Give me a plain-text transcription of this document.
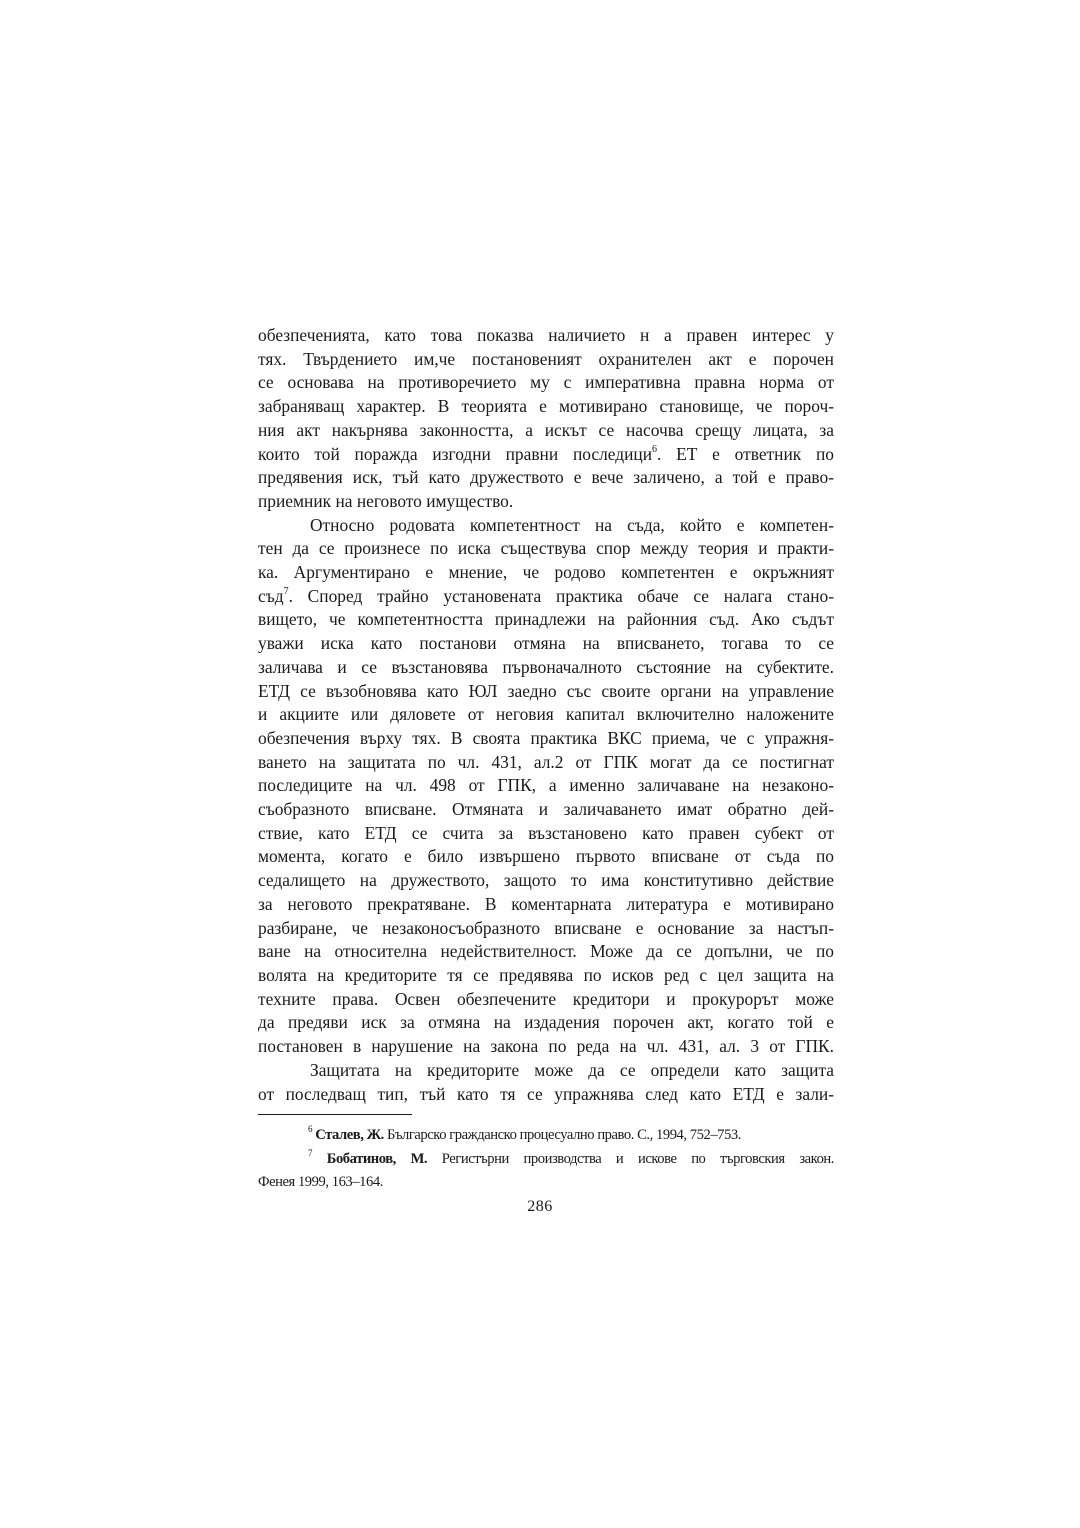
обезпеченията, като това показва наличието н а правен интерес у
тях. Твърдението им,че постановеният охранителен акт е порочен
се основава на противоречието му с императивна правна норма от
забраняващ характер. В теорията е мотивирано становище, че пороч-
ния акт накърнява законността, а искът се насочва срещу лицата, за
които той поражда изгодни правни последици$^6$. ЕТ е ответник по
предявения иск, тъй като дружеството е вече заличено, а той е право-
приемник на неговото имущество.

Относно родовата компетентност на съда, който е компетен-
тен да се произнесе по иска съществува спор между теория и практи-
ка. Аргументирано е мнение, че родово компетентен е окръжният
съд$^7$. Според трайно установената практика обаче се налага стано-
вището, че компетентността принадлежи на районния съд. Ако съдът
уважи иска като постанови отмяна на вписването, тогава то се
заличава и се възстановява първоначалното състояние на субектите.
ЕТД се възобновява като ЮЛ заедно със своите органи на управление
и акциите или дяловете от неговия капитал включително наложените
обезпечения върху тях. В своята практика ВКС приема, че с упражня-
ването на защитата по чл. 431, ал.2 от ГПК могат да се постигнат
последиците на чл. 498 от ГПК, а именно заличаване на незаконо-
съобразното вписване. Отмяната и заличаването имат обратно дей-
ствие, като ЕТД се счита за възстановено като правен субект от
момента, когато е било извършено първото вписване от съда по
седалището на дружеството, защото то има конститутивно действие
за неговото прекратяване. В коментарната литература е мотивирано
разбиране, че незаконосъобразното вписване е основание за настъп-
ване на относителна недействителност. Може да се допълни, че по
волята на кредиторите тя се предявява по исков ред с цел защита на
техните права. Освен обезпечените кредитори и прокурорът може
да предяви иск за отмяна на издадения порочен акт, когато той е
постановен в нарушение на закона по реда на чл. 431, ал. 3 от ГПК.

Защитата на кредиторите може да се определи като защита
от последващ тип, тъй като тя се упражнява след като ЕТД е зали-

$^6$ Сталев, Ж. Българско гражданско процесуално право. С., 1994, 752–753.

$^7$ Бобатинов, М. Регистърни производства и искове по търговския закон.
Фенея 1999, 163–164.

286
